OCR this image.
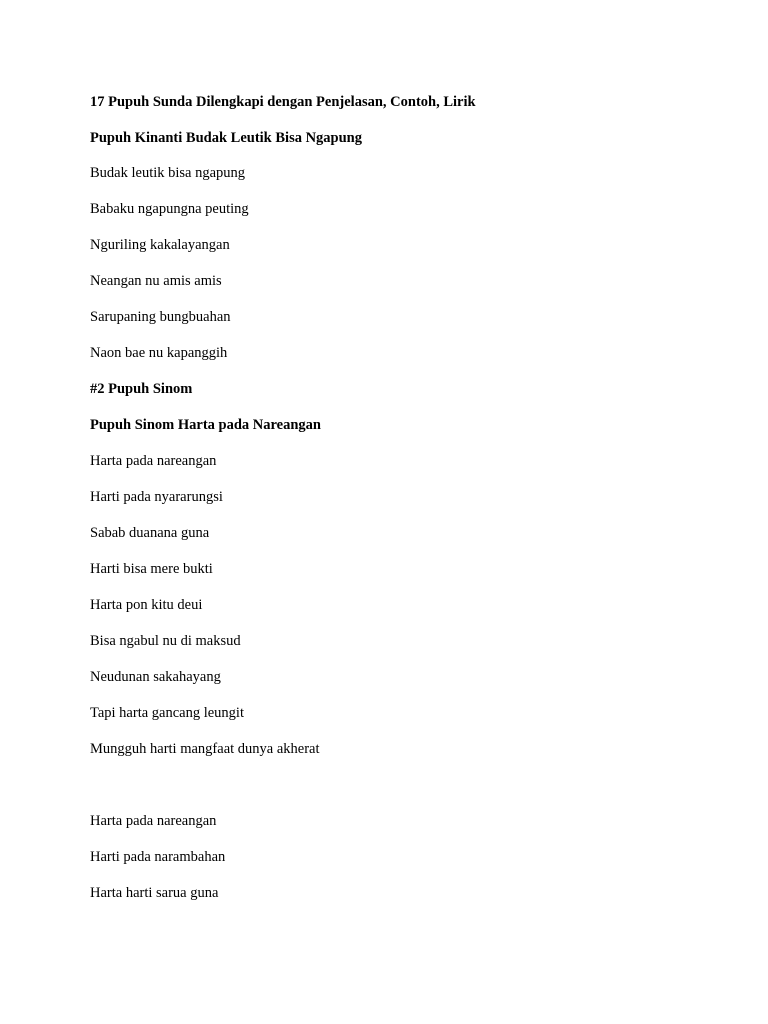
17 Pupuh Sunda Dilengkapi dengan Penjelasan, Contoh, Lirik
Pupuh Kinanti Budak Leutik Bisa Ngapung
Budak leutik bisa ngapung
Babaku ngapungna peuting
Nguriling kakalayangan
Neangan nu amis amis
Sarupaning bungbuahan
Naon bae nu kapanggih
#2 Pupuh Sinom
Pupuh Sinom Harta pada Nareangan
Harta pada nareangan
Harti pada nyararungsi
Sabab duanana guna
Harti bisa mere bukti
Harta pon kitu deui
Bisa ngabul nu di maksud
Neudunan sakahayang
Tapi harta gancang leungit
Mungguh harti mangfaat dunya akherat
Harta pada nareangan
Harti pada narambahan
Harta harti sarua guna
